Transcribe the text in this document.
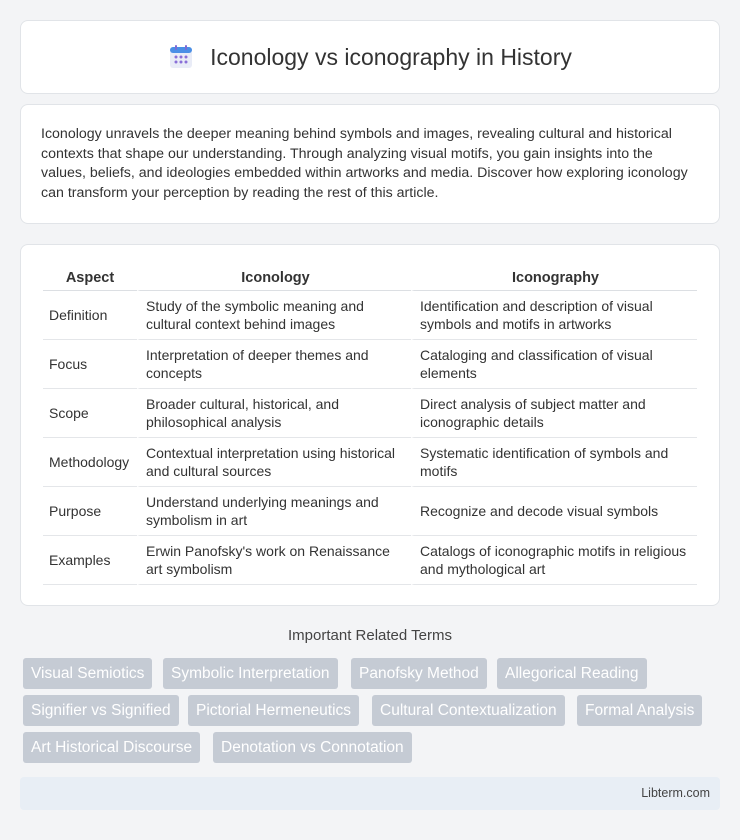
Iconology vs iconography in History

Iconology unravels the deeper meaning behind symbols and images, revealing cultural and historical contexts that shape our understanding. Through analyzing visual motifs, you gain insights into the values, beliefs, and ideologies embedded within artworks and media. Discover how exploring iconology can transform your perception by reading the rest of this article.

Aspect	Iconology	Iconography
Definition	Study of the symbolic meaning and cultural context behind images	Identification and description of visual symbols and motifs in artworks
Focus	Interpretation of deeper themes and concepts	Cataloging and classification of visual elements
Scope	Broader cultural, historical, and philosophical analysis	Direct analysis of subject matter and iconographic details
Methodology	Contextual interpretation using historical and cultural sources	Systematic identification of symbols and motifs
Purpose	Understand underlying meanings and symbolism in art	Recognize and decode visual symbols
Examples	Erwin Panofsky's work on Renaissance art symbolism	Catalogs of iconographic motifs in religious and mythological art
Important Related Terms
Visual Semiotics	Symbolic Interpretation	Panofsky Method	Allegorical Reading
Signifier vs Signified	Pictorial Hermeneutics	Cultural Contextualization	Formal Analysis
Art Historical Discourse	Denotation vs Connotation
Libterm.com
